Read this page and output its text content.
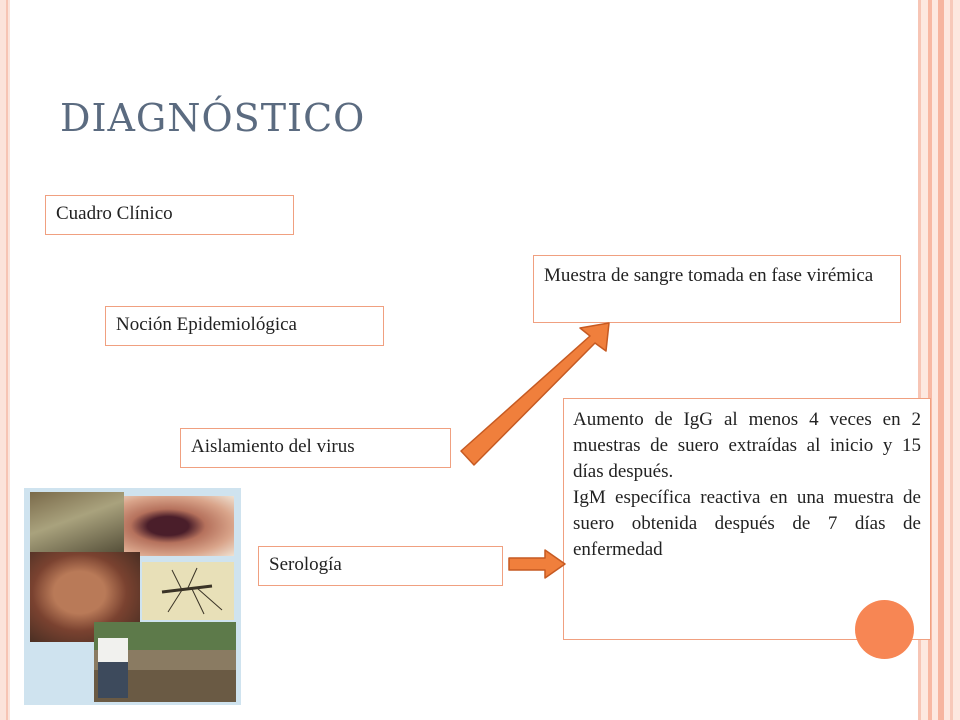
DIAGNÓSTICO
Cuadro Clínico
Noción Epidemiológica
Aislamiento del virus
Serología
Muestra de sangre tomada en fase virémica

Aumento de IgG al menos 4 veces en 2 muestras de suero extraídas al inicio y 15 días después.

IgM específica reactiva en una muestra de suero obtenida después de 7 días de enfermedad
